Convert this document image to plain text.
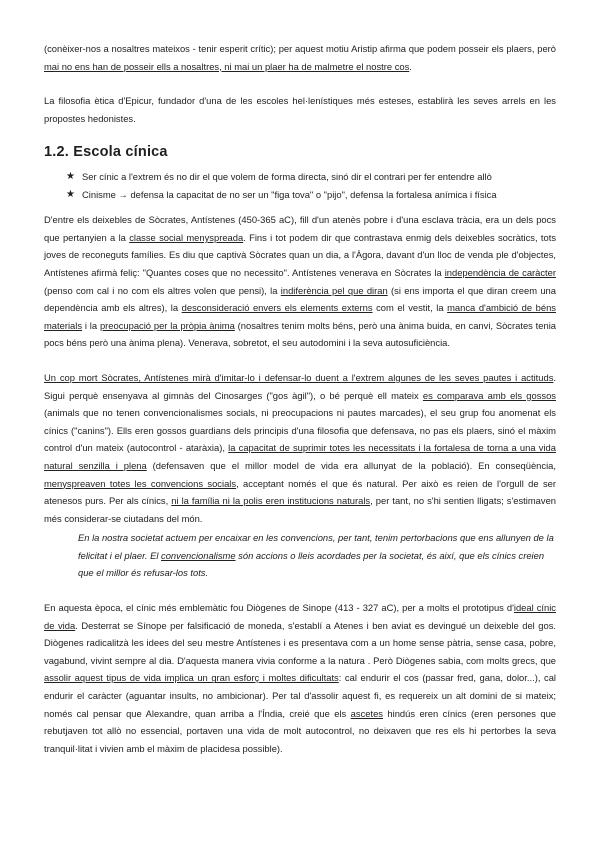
(conèixer-nos a nosaltres mateixos - tenir esperit crític); per aquest motiu Aristip afirma que podem posseir els plaers, però mai no ens han de posseir ells a nosaltres, ni mai un plaer ha de malmetre el nostre cos.

La filosofia ètica d'Epicur, fundador d'una de les escoles hel·lenístiques més esteses, establirà les seves arrels en les propostes hedonistes.

1.2. Escola cínica
★ Ser cínic a l'extrem és no dir el que volem de forma directa, sinó dir el contrari per fer entendre allò
★ Cinisme → defensa la capacitat de no ser un "figa tova" o "pijo", defensa la fortalesa anímica i física

D'entre els deixebles de Sòcrates, Antístenes (450-365 aC), fill d'un atenès pobre i d'una esclava tràcia, era un dels pocs que pertanyien a la classe social menyspreada. Fins i tot podem dir que contrastava enmig dels deixebles socràtics, tots joves de reconeguts famílies. Es diu que captivà Sòcrates quan un dia, a l'Àgora, davant d'un lloc de venda ple d'objectes, Antístenes afirmà feliç: "Quantes coses que no necessito". Antístenes venerava en Sòcrates la independència de caràcter (penso com cal i no com els altres volen que pensi), la indiferència pel que diran (si ens importa el que diran creem una dependència amb els altres), la desconsideració envers els elements externs com el vestit, la manca d'ambició de béns materials i la preocupació per la pròpia ànima (nosaltres tenim molts béns, però una ànima buida, en canvi, Sòcrates tenia pocs béns però una ànima plena). Venerava, sobretot, el seu autodomini i la seva autosuficiència.

Un cop mort Sòcrates, Antístenes mirà d'imitar-lo i defensar-lo duent a l'extrem algunes de les seves pautes i actituds. Sigui perquè ensenyava al gimnàs del Cinosarges ("gos àgil"), o bé perquè ell mateix es comparava amb els gossos (animals que no tenen convencionalismes socials, ni preocupacions ni pautes marcades), el seu grup fou anomenat els cínics ("canins"). Ells eren gossos guardians dels principis d'una filosofia que defensava, no pas els plaers, sinó el màxim control d'un mateix (autocontrol - ataràxia), la capacitat de suprimir totes les necessitats i la fortalesa de torna a una vida natural senzilla i plena (defensaven que el millor model de vida era allunyat de la població). En conseqüència, menyspreaven totes les convencions socials, acceptant només el que és natural. Per això es reien de l'orgull de ser atenesos purs. Per als cínics, ni la família ni la polis eren institucions naturals, per tant, no s'hi sentien lligats; s'estimaven més considerar-se ciutadans del món.

En la nostra societat actuem per encaixar en les convencions, per tant, tenim pertorbacions que ens allunyen de la felicitat i el plaer. El convencionalisme són accions o lleis acordades per la societat, és així, que els cínics creien que el millor és refusar-los tots.

En aquesta època, el cínic més emblemàtic fou Diògenes de Sinope (413 - 327 aC), per a molts el prototipus d'ideal cínic de vida. Desterrat se Sínope per falsificació de moneda, s'establí a Atenes i ben aviat es devingué un deixeble del gos. Diògenes radicalitzà les idees del seu mestre Antístenes i es presentava com a un home sense pàtria, sense casa, pobre, vagabund, vivint sempre al dia. D'aquesta manera vivia conforme a la natura . Però Diògenes sabia, com molts grecs, que assolir aquest tipus de vida implica un gran esforç i moltes dificultats: cal endurir el cos (passar fred, gana, dolor...), cal endurir el caràcter (aguantar insults, no ambicionar). Per tal d'assolir aquest fi, es requereix un alt domini de si mateix; només cal pensar que Alexandre, quan arriba a l'Índia, creié que els ascetes hindús eren cínics (eren persones que rebutjaven tot allò no essencial, portaven una vida de molt autocontrol, no deixaven que res els hi pertorbes la seva tranquil·litat i vivien amb el màxim de placidesa possible).
